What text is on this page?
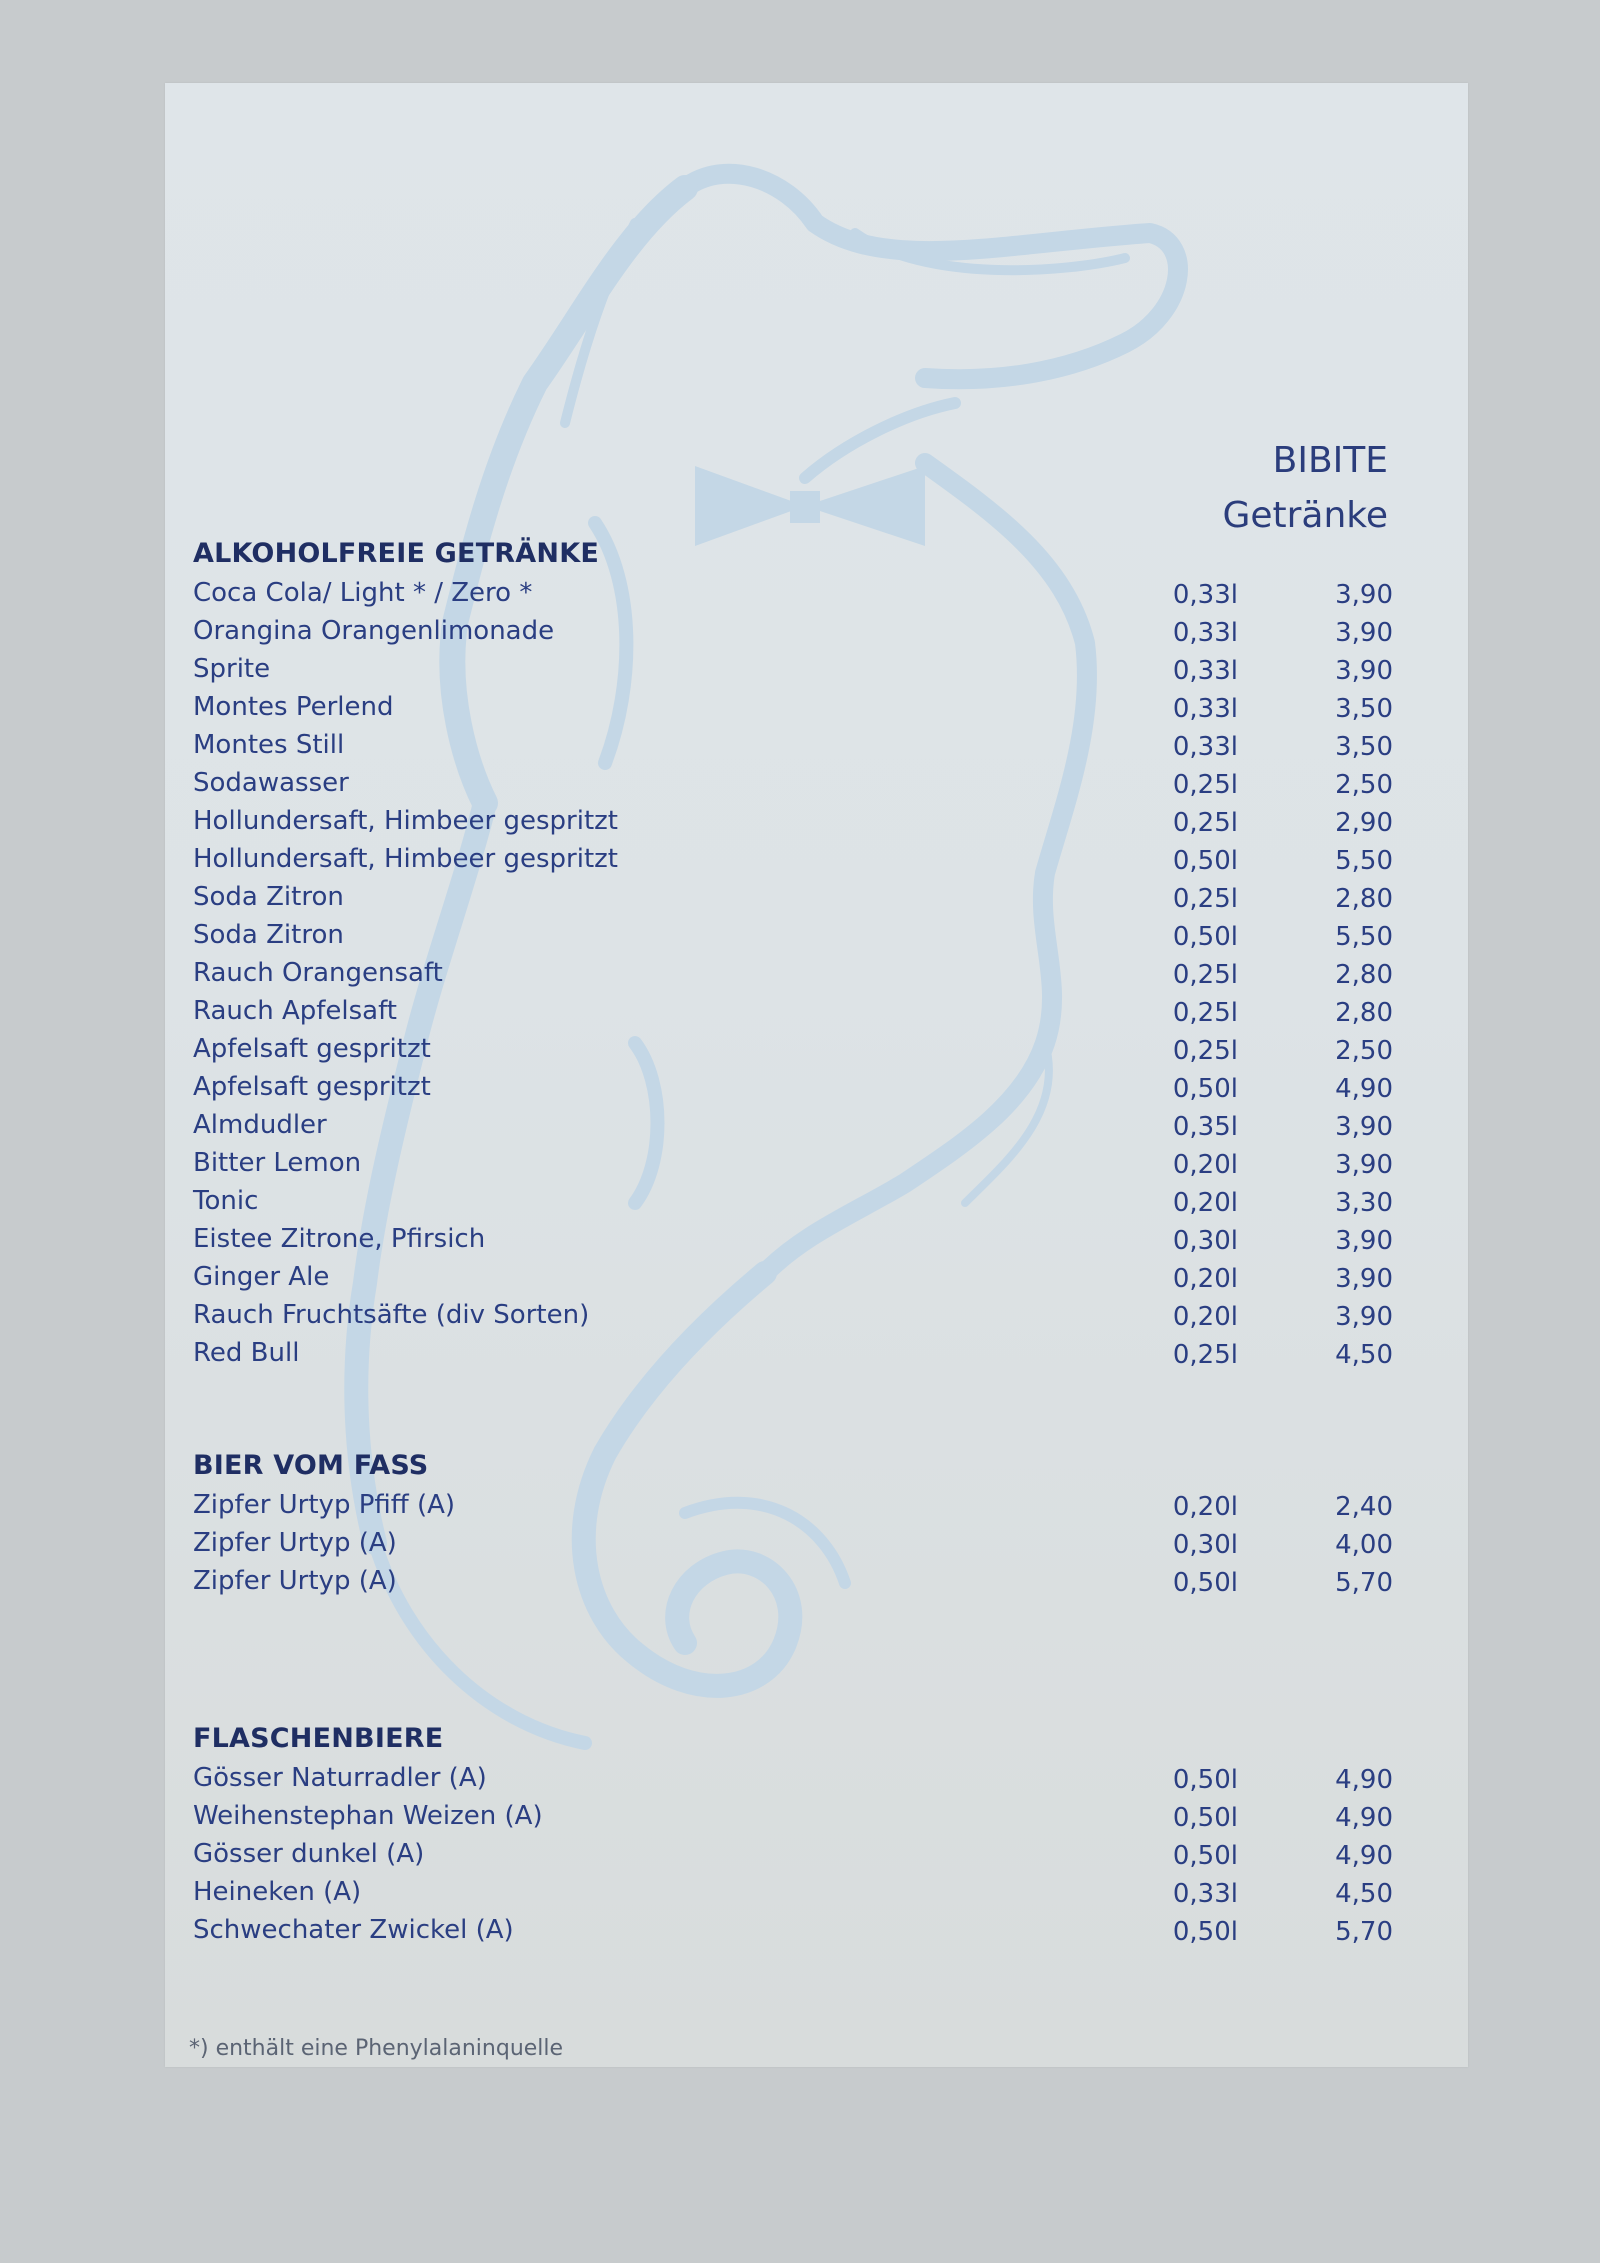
BIBITE
Getränke
ALKOHOLFREIE GETRÄNKE
Coca Cola/ Light * / Zero *	0,33l	3,90
Orangina Orangenlimonade	0,33l	3,90
Sprite	0,33l	3,90
Montes Perlend	0,33l	3,50
Montes Still	0,33l	3,50
Sodawasser	0,25l	2,50
Hollundersaft, Himbeer gespritzt	0,25l	2,90
Hollundersaft, Himbeer gespritzt	0,50l	5,50
Soda Zitron	0,25l	2,80
Soda Zitron	0,50l	5,50
Rauch Orangensaft	0,25l	2,80
Rauch Apfelsaft	0,25l	2,80
Apfelsaft gespritzt	0,25l	2,50
Apfelsaft gespritzt	0,50l	4,90
Almdudler	0,35l	3,90
Bitter Lemon	0,20l	3,90
Tonic	0,20l	3,30
Eistee Zitrone, Pfirsich	0,30l	3,90
Ginger Ale	0,20l	3,90
Rauch Fruchtsäfte (div Sorten)	0,20l	3,90
Red Bull	0,25l	4,50
BIER VOM FASS
Zipfer Urtyp Pfiff (A)	0,20l	2,40
Zipfer Urtyp (A)	0,30l	4,00
Zipfer Urtyp (A)	0,50l	5,70
FLASCHENBIERE
Gösser Naturradler (A)	0,50l	4,90
Weihenstephan Weizen (A)	0,50l	4,90
Gösser dunkel (A)	0,50l	4,90
Heineken (A)	0,33l	4,50
Schwechater Zwickel (A)	0,50l	5,70
*) enthält eine Phenylalaninquelle
